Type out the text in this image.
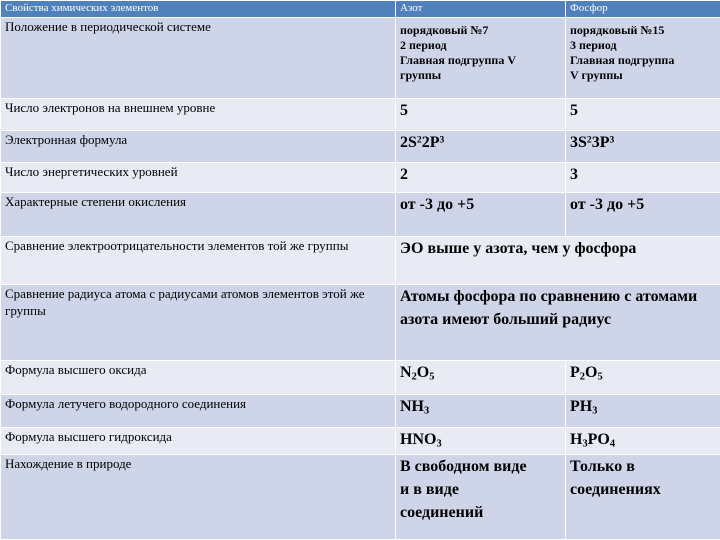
Свойства химических элементов	Азот	Фосфор
Положение в периодической системе	порядковый №7
2 период
Главная подгруппа V
группы	порядковый №15
3 период
Главная подгруппа
V группы

Число электронов на внешнем уровне	5	5
Электронная формула	$2S^22P^3$	$3S^23P^3$
Число энергетических уровней	2	3
Характерные степени окисления	от -3 до +5	от -3 до +5
Сравнение электроотрицательности элементов той же группы	ЭО выше у азота, чем у фосфора	
Сравнение радиуса атома с радиусами атомов элементов этой же группы	Атомы фосфора по сравнению с атомами азота имеют больший радиус	
Формула высшего оксида	$N_2O_5$	$P_2O_5$
Формула летучего водородного соединения	$NH_3$	$PH_3$
Формула высшего гидроксида	$HNO_3$	$H_3PO_4$
Нахождение в природе	В свободном виде
и в виде
соединений	Только в
соединениях
